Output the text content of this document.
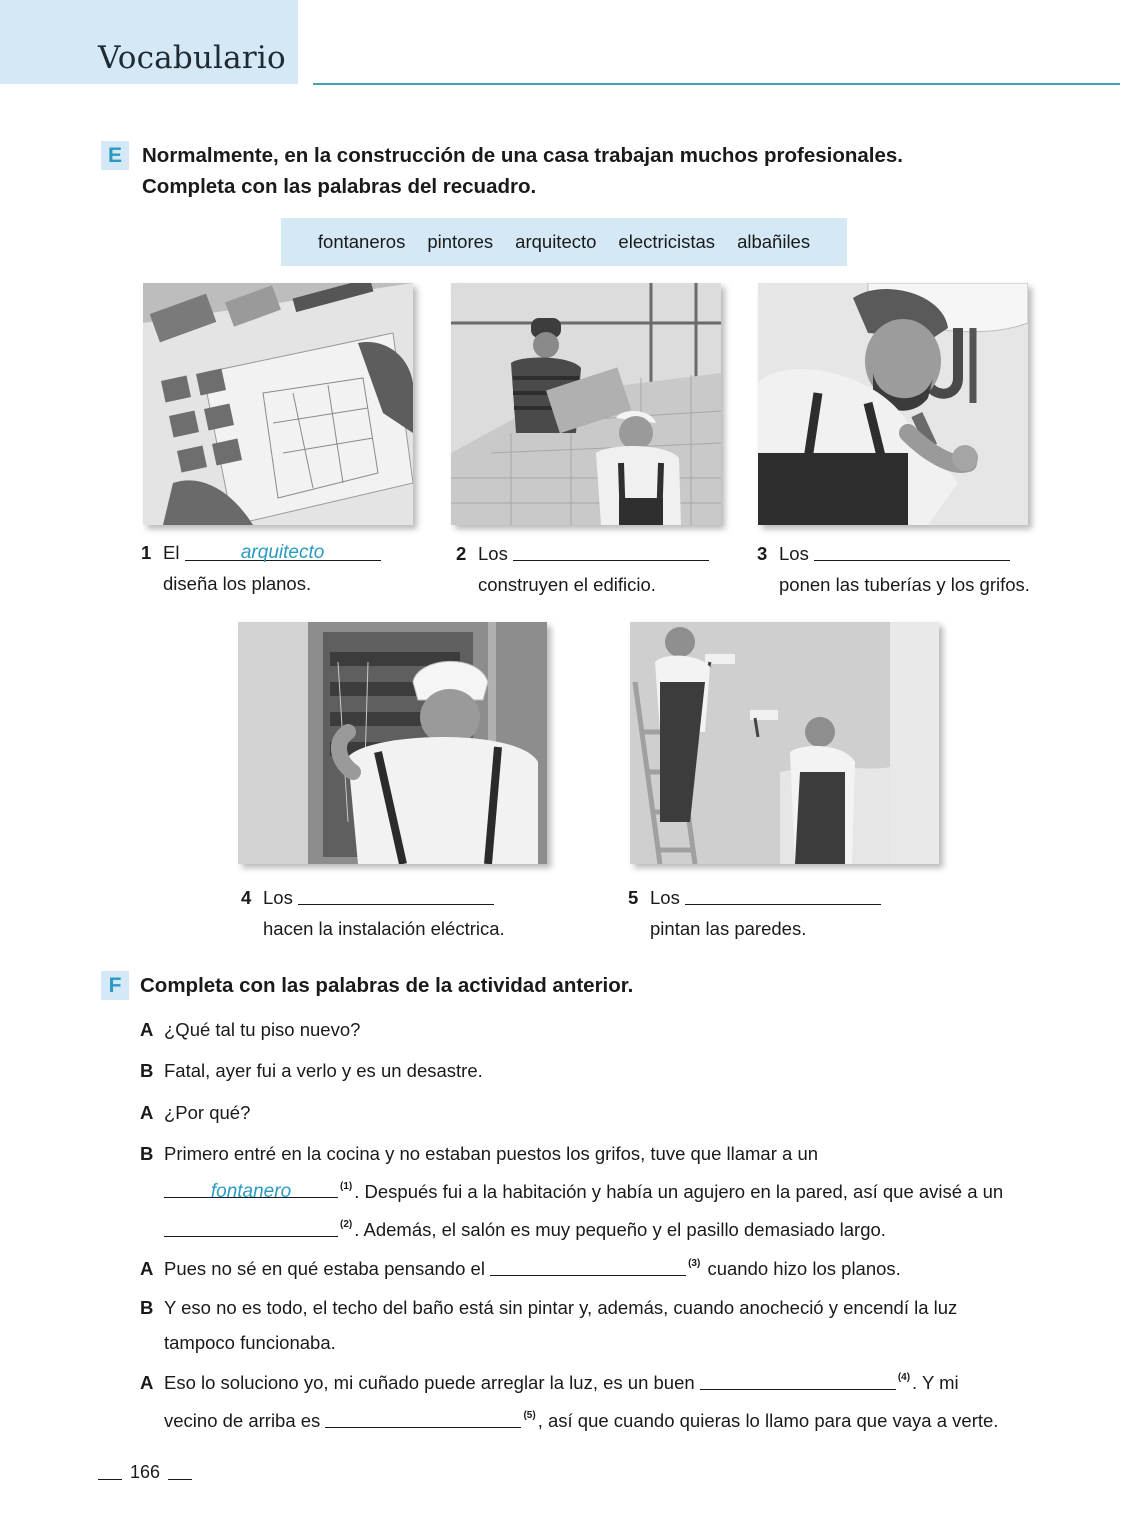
Vocabulario
E Normalmente, en la construcción de una casa trabajan muchos profesionales.
Completa con las palabras del recuadro.
fontaneros pintores arquitecto electricistas albañiles
1 El	arquitecto
diseña los planos.
2 Los
construyen el edificio.
3 Los
ponen las tuberías y los grifos.
4 Los
hacen la instalación eléctrica.
5 Los
pintan las paredes.
F Completa con las palabras de la actividad anterior.
A ¿Qué tal tu piso nuevo?
B Fatal, ayer fui a verlo y es un desastre.
A ¿Por qué?
B Primero entré en la cocina y no estaban puestos los grifos, tuve que llamar a un
fontanero	$^{(1)}$ . Después fui a la habitación y había un agujero en la pared, así que avisé a un
$^{(2)}$ . Además, el salón es muy pequeño y el pasillo demasiado largo.
A Pues no sé en qué estaba pensando el	$^{(3)}$ cuando hizo los planos.
B Y eso no es todo, el techo del baño está sin pintar y, además, cuando anocheció y encendí la luz
tampoco funcionaba.
A Eso lo soluciono yo, mi cuñado puede arreglar la luz, es un buen	$^{(4)}$ . Y mi
vecino de arriba es	$^{(5)}$ , así que cuando quieras lo llamo para que vaya a verte.
166
